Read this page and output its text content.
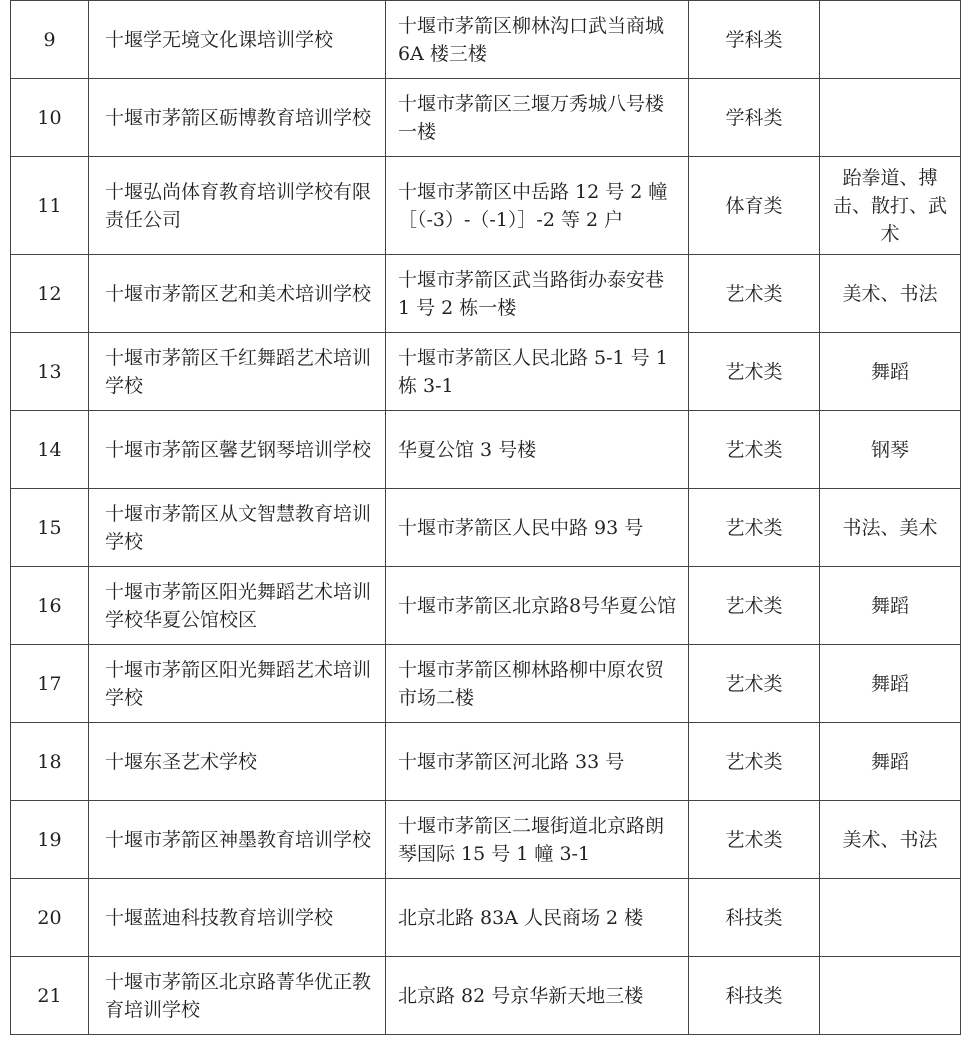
9	十堰学无境文化课培训学校	十堰市茅箭区柳林沟口武当商城 6A 楼三楼	学科类	
10	十堰市茅箭区砺博教育培训学校	十堰市茅箭区三堰万秀城八号楼一楼	学科类	
11	十堰弘尚体育教育培训学校有限责任公司	十堰市茅箭区中岳路 12 号 2 幢［（-3）-（-1）］-2 等 2 户	体育类	跆拳道、搏击、散打、武术
12	十堰市茅箭区艺和美术培训学校	十堰市茅箭区武当路街办泰安巷 1 号 2 栋一楼	艺术类	美术、书法
13	十堰市茅箭区千红舞蹈艺术培训学校	十堰市茅箭区人民北路 5-1 号 1 栋 3-1	艺术类	舞蹈
14	十堰市茅箭区馨艺钢琴培训学校	华夏公馆 3 号楼	艺术类	钢琴
15	十堰市茅箭区从文智慧教育培训学校	十堰市茅箭区人民中路 93 号	艺术类	书法、美术
16	十堰市茅箭区阳光舞蹈艺术培训学校华夏公馆校区	十堰市茅箭区北京路8号华夏公馆	艺术类	舞蹈
17	十堰市茅箭区阳光舞蹈艺术培训学校	十堰市茅箭区柳林路柳中原农贸市场二楼	艺术类	舞蹈
18	十堰东圣艺术学校	十堰市茅箭区河北路 33 号	艺术类	舞蹈
19	十堰市茅箭区神墨教育培训学校	十堰市茅箭区二堰街道北京路朗琴国际 15 号 1 幢 3-1	艺术类	美术、书法
20	十堰蓝迪科技教育培训学校	北京北路 83A 人民商场 2 楼	科技类	
21	十堰市茅箭区北京路菁华优正教育培训学校	北京路 82 号京华新天地三楼	科技类	
